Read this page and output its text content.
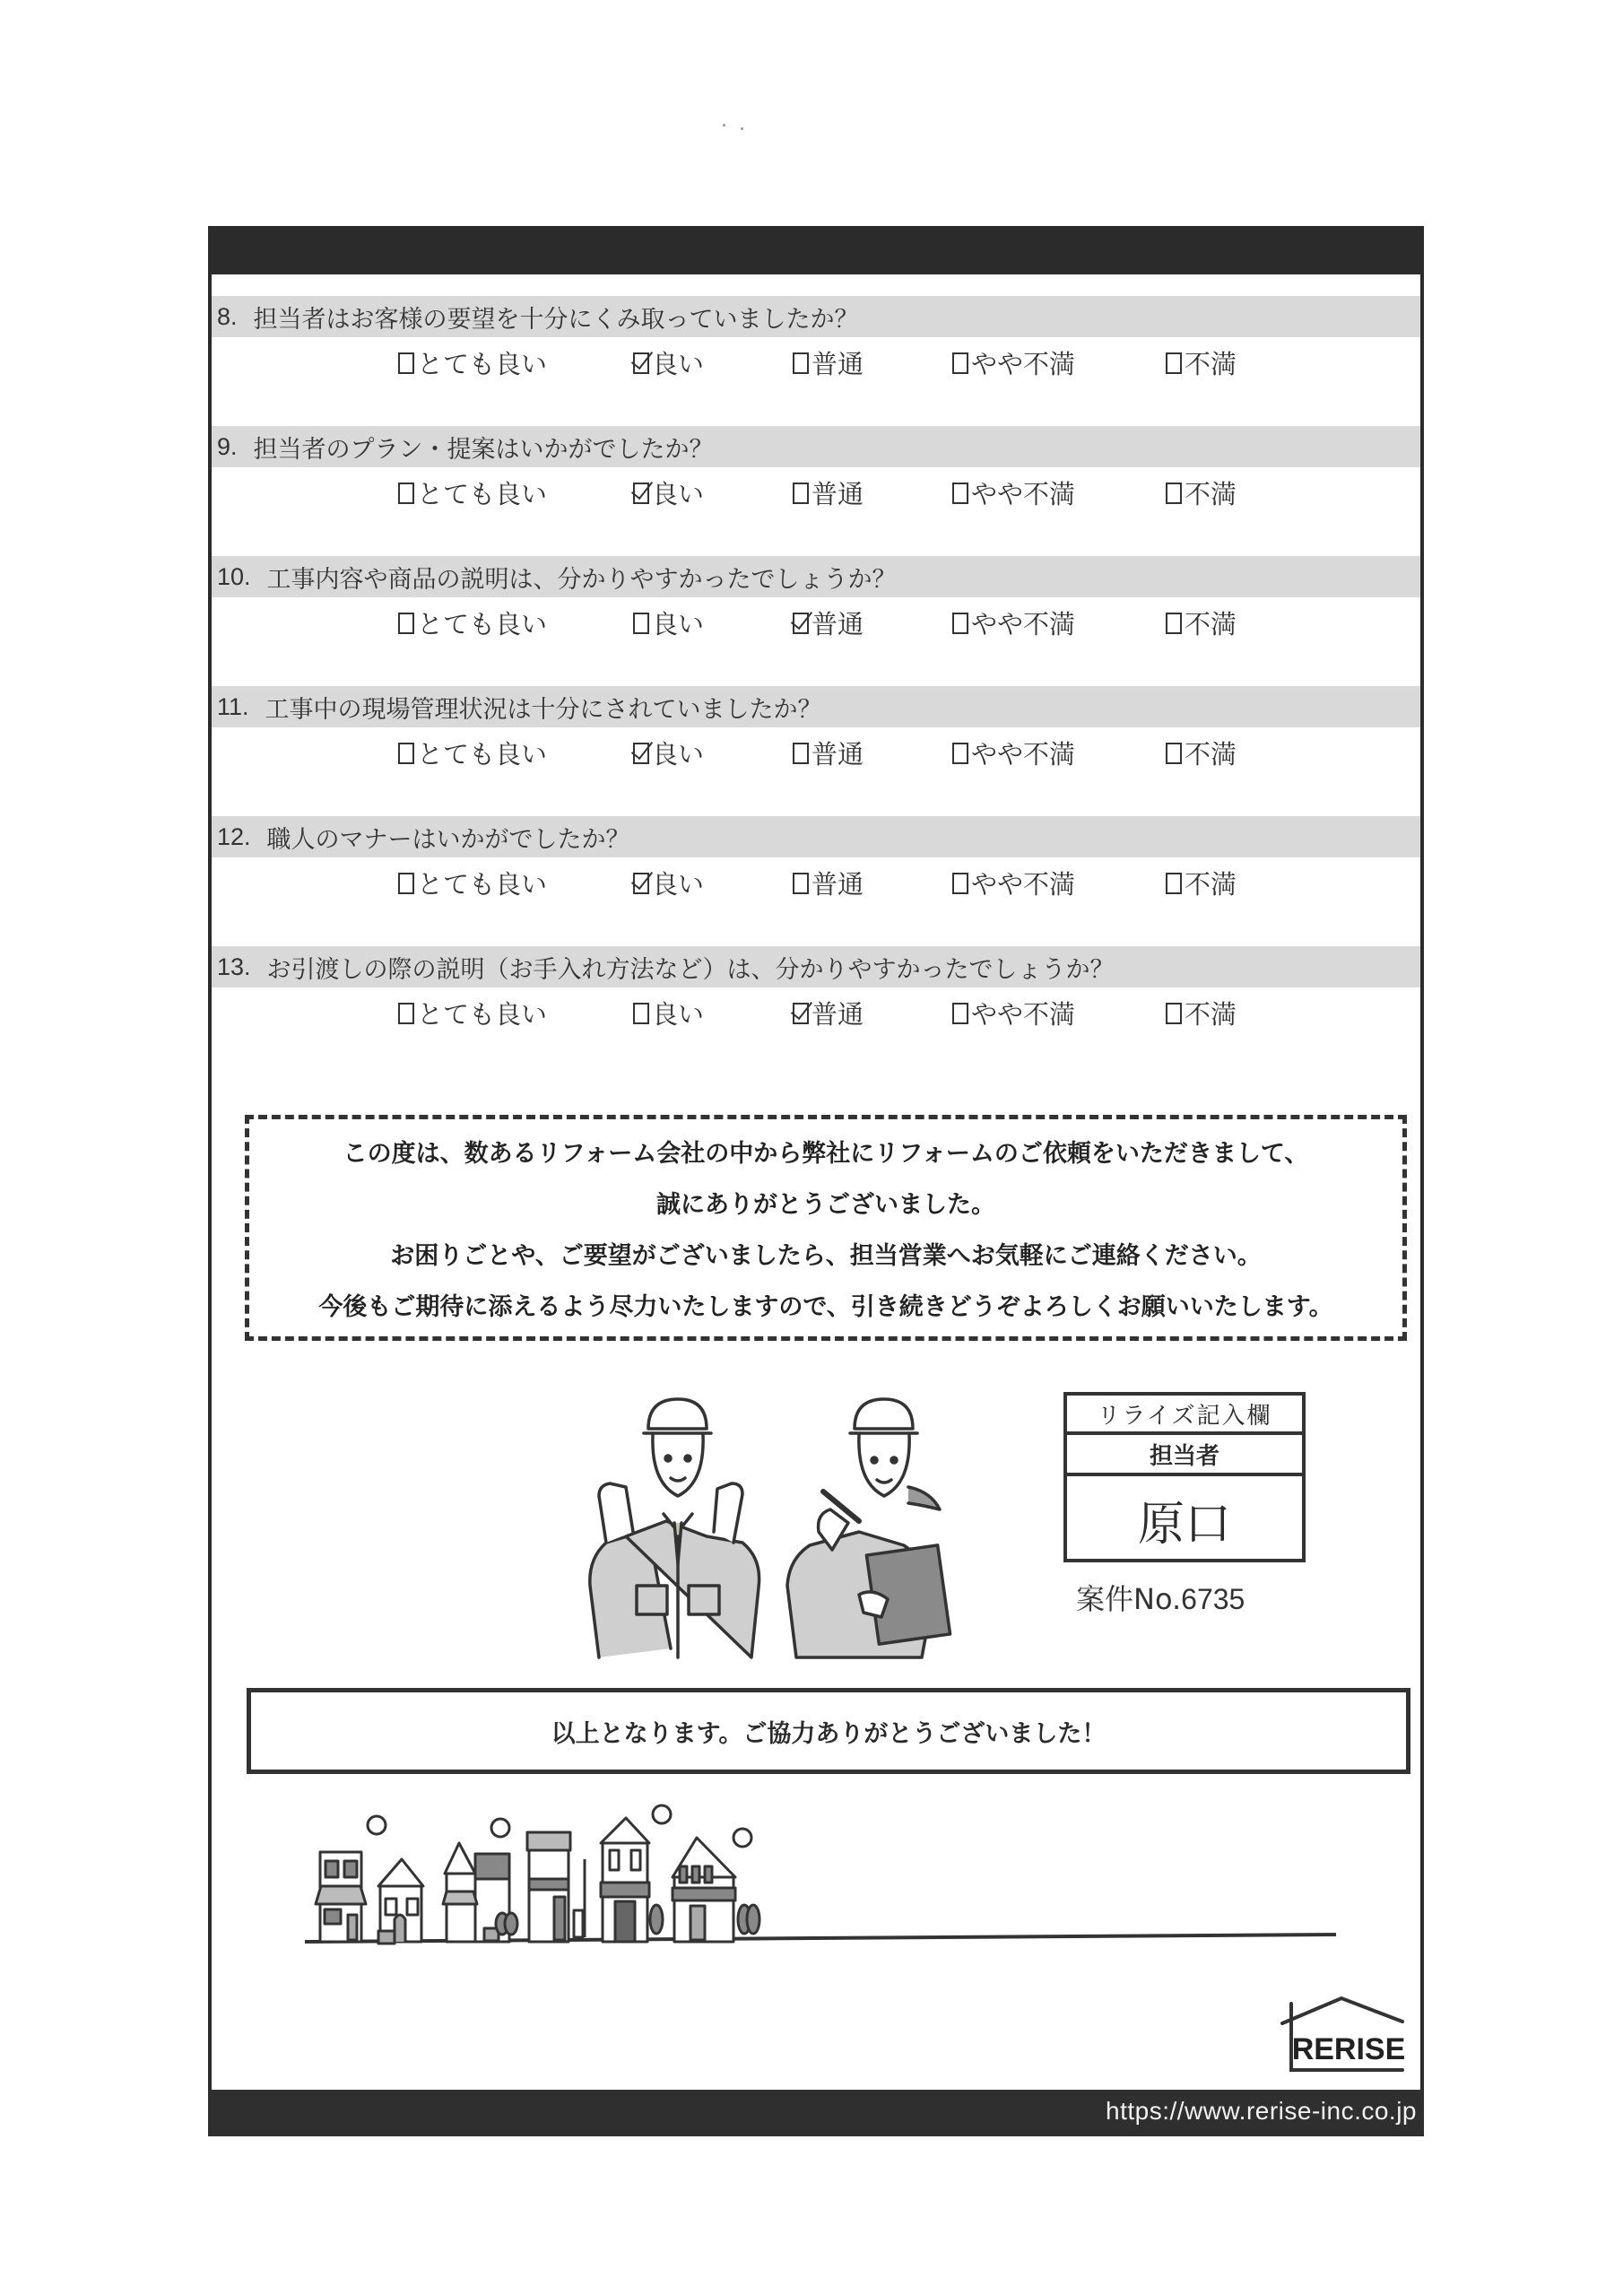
8. 担当者はお客様の要望を十分にくみ取っていましたか？
とても良い	良い	普通	やや不満	不満
9. 担当者のプラン・提案はいかがでしたか？
とても良い	良い	普通	やや不満	不満
10. 工事内容や商品の説明は、分かりやすかったでしょうか？
とても良い	良い	普通	やや不満	不満
11. 工事中の現場管理状況は十分にされていましたか？
とても良い	良い	普通	やや不満	不満
12. 職人のマナーはいかがでしたか？
とても良い	良い	普通	やや不満	不満
13. お引渡しの際の説明（お手入れ方法など）は、分かりやすかったでしょうか？
とても良い	良い	普通	やや不満	不満

この度は、数あるリフォーム会社の中から弊社にリフォームのご依頼をいただきまして、

誠にありがとうございました。

お困りごとや、ご要望がございましたら、担当営業へお気軽にご連絡ください。

今後もご期待に添えるよう尽力いたしますので、引き続きどうぞよろしくお願いいたします。

リライズ記入欄
担当者
原口
案件No.6735
以上となります。ご協力ありがとうございました！
RERISE
https://www.rerise-inc.co.jp
